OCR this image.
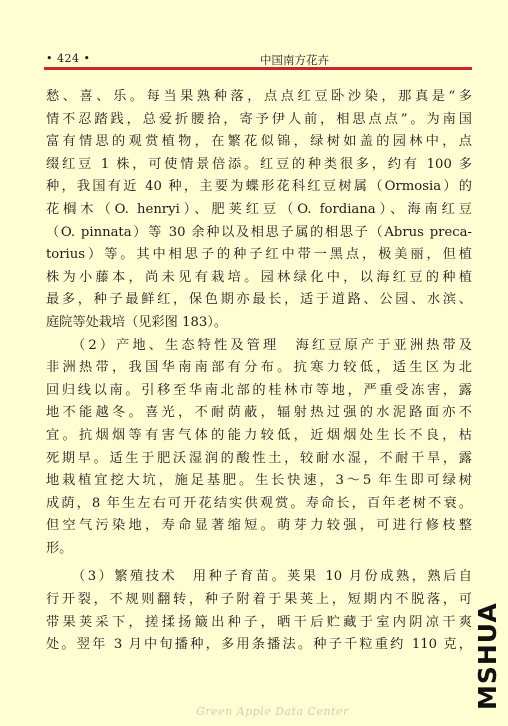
• 424 •	中国南方花卉

愁、喜、乐。每当果熟种落，点点红豆卧沙染，那真是“多
情不忍踏践，总爱折腰拾，寄予伊人前，相思点点”。为南国
富有情思的观赏植物，在繁花似锦，绿树如盖的园林中，点
缀红豆 1 株，可使情景倍添。红豆的种类很多，约有 100 多
种，我国有近 40 种，主要为蝶形花科红豆树属（Ormosia）的
花榈木（O. henryi）、肥荚红豆（O. fordiana）、海南红豆
（O. pinnata）等 30 余种以及相思子属的相思子（Abrus preca-
torius）等。其中相思子的种子红中带一黑点，极美丽，但植
株为小藤本，尚未见有栽培。园林绿化中，以海红豆的种植
最多，种子最鲜红，保色期亦最长，适于道路、公园、水滨、
庭院等处栽培（见彩图 183）。

（2）产地、生态特性及管理　海红豆原产于亚洲热带及
非洲热带，我国华南南部有分布。抗寒力较低，适生区为北
回归线以南。引移至华南北部的桂林市等地，严重受冻害，露
地不能越冬。喜光，不耐荫蔽，辐射热过强的水泥路面亦不
宜。抗烟烟等有害气体的能力较低，近烟烟处生长不良，枯
死期早。适生于肥沃湿润的酸性土，较耐水湿，不耐干旱，露
地栽植宜挖大坑，施足基肥。生长快速，3～5 年生即可绿树
成荫，8 年生左右可开花结实供观赏。寿命长，百年老树不衰。
但空气污染地，寿命显著缩短。萌芽力较强，可进行修枝整
形。

（3）繁殖技术　用种子育苗。荚果 10 月份成熟，熟后自
行开裂，不规则翻转，种子附着于果荚上，短期内不脱落，可
带果荚采下，搓揉扬簸出种子，晒干后贮藏于室内阴凉干爽
处。翌年 3 月中旬播种，多用条播法。种子千粒重约 110 克，

Green Apple Data Center
MSHUA
